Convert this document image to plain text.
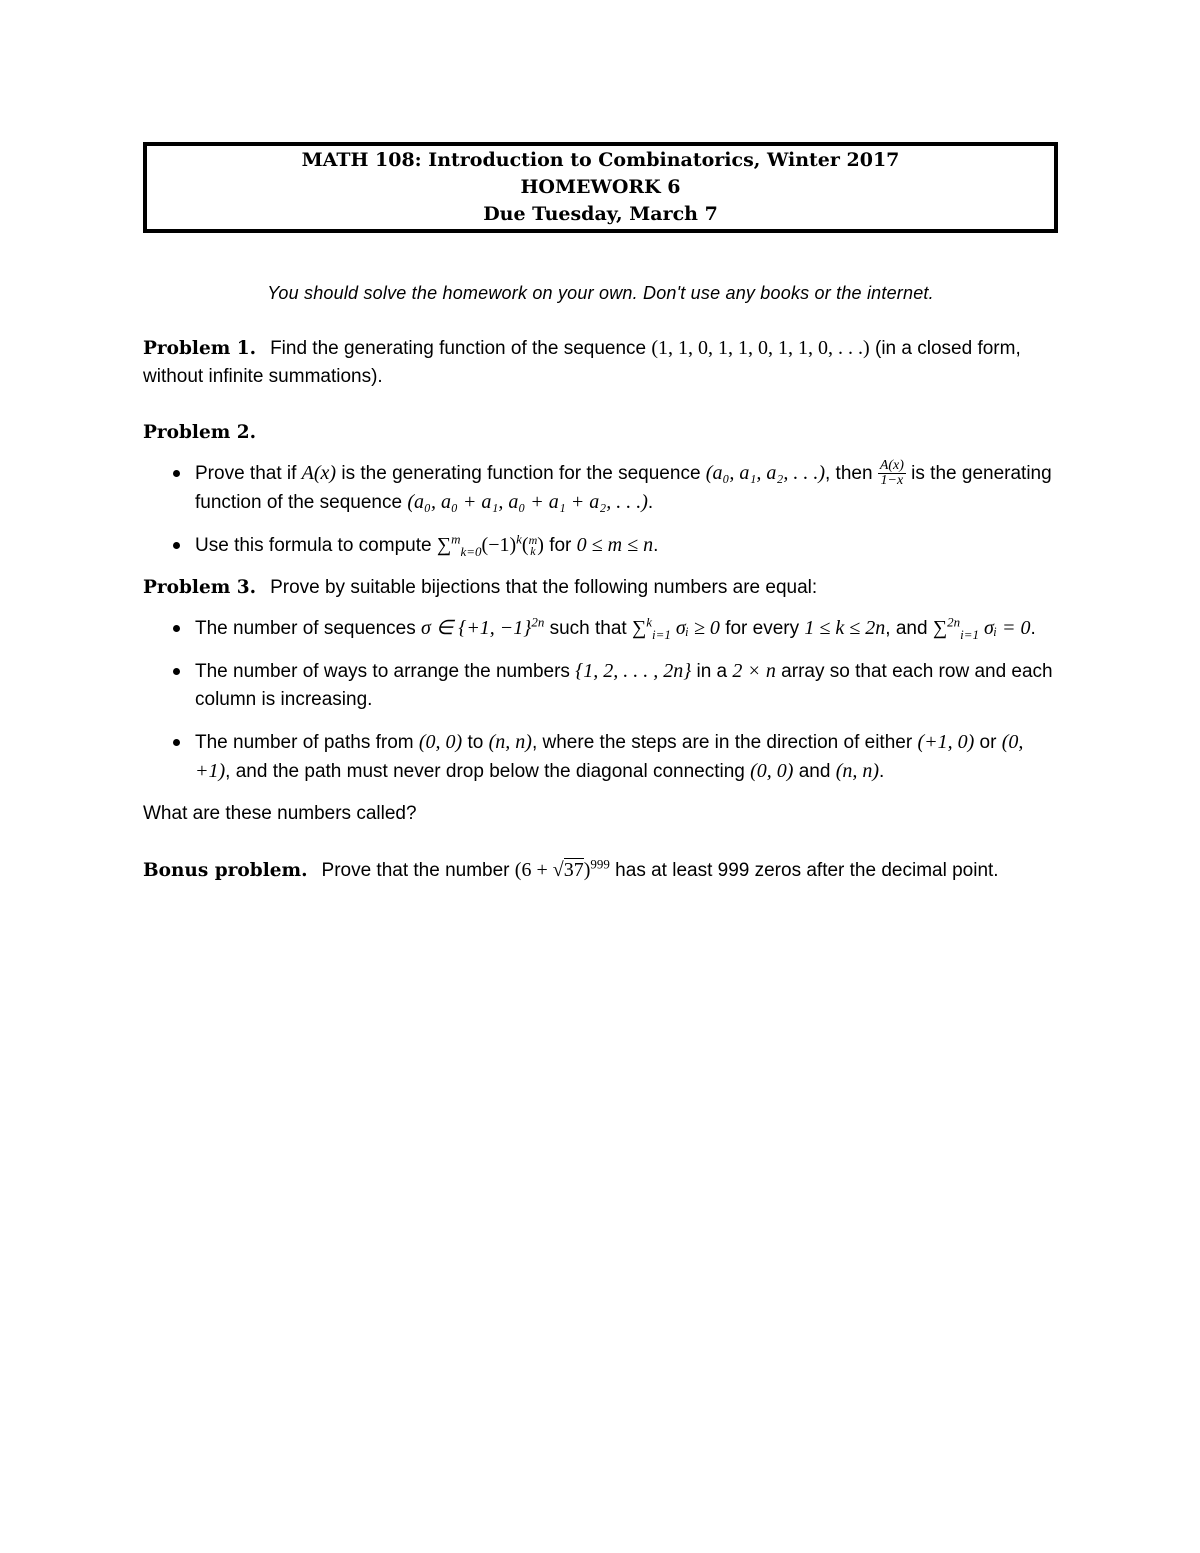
MATH 108: Introduction to Combinatorics, Winter 2017
HOMEWORK 6
Due Tuesday, March 7
You should solve the homework on your own. Don't use any books or the internet.
Problem 1. Find the generating function of the sequence (1, 1, 0, 1, 1, 0, 1, 1, 0, . . .) (in a closed form, without infinite summations).
Problem 2.
Prove that if A(x) is the generating function for the sequence (a₀, a₁, a₂, . . .), then $\frac{A(x)}{1-x}$ is the generating function of the sequence (a₀, a₀ + a₁, a₀ + a₁ + a₂, . . .).
Use this formula to compute $\sum^m_{k=0}(-1)^k$( m
k ) for 0 ≤ m ≤ n.
Problem 3. Prove by suitable bijections that the following numbers are equal:
The number of sequences σ ∈ {+1, −1}$^{2n}$ such that ∑$^k_{i=1}$ σᵢ ≥ 0 for every 1 ≤ k ≤ 2n, and ∑$^{2n}_{i=1}$ σᵢ = 0.
The number of ways to arrange the numbers {1, 2, . . . , 2n} in a 2 × n array so that each row and each column is increasing.
The number of paths from (0, 0) to (n, n), where the steps are in the direction of either (+1, 0) or (0, +1), and the path must never drop below the diagonal connecting (0, 0) and (n, n).
What are these numbers called?
Bonus problem. Prove that the number $(6 + √37)^{999}$ has at least 999 zeros after the decimal point.
